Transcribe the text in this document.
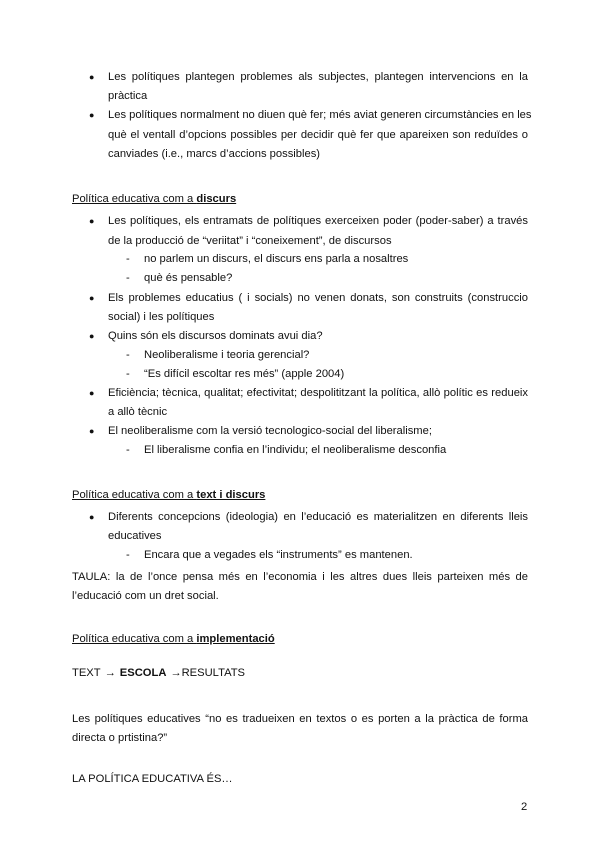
● Les polítiques plantegen problemes als subjectes, plantegen intervencions en la
pràctica
● Les polítiques normalment no diuen què fer; més aviat generen circumstàncies en les
què el ventall d’opcions possibles per decidir què fer que apareixen son reduïdes o
canviades (i.e., marcs d’accions possibles)
Política educativa com a discurs
● Les polítiques, els entramats de polítiques exerceixen poder (poder-saber) a través
de la producció de “veriitat” i “coneixement”, de discursos
- no parlem un discurs, el discurs ens parla a nosaltres
- què és pensable?
● Els problemes educatius ( i socials) no venen donats, son construits (construccio
social) i les polítiques
● Quins són els discursos dominats avui dia?
- Neoliberalisme i teoria gerencial?
- “Es difícil escoltar res més” (apple 2004)
● Eficiència; tècnica, qualitat; efectivitat; despolititzant la política, allò polític es redueix
a allò tècnic
● El neoliberalisme com la versió tecnologico-social del liberalisme;
- El liberalisme confia en l’individu; el neoliberalisme desconfia
Política educativa com a text i discurs
● Diferents concepcions (ideologia) en l’educació es materialitzen en diferents lleis
educatives
- Encara que a vegades els “instruments” es mantenen.
TAULA: la de l’once pensa més en l’economia i les altres dues lleis parteixen més de
l’educació com un dret social.
Política educativa com a implementació
TEXT → ESCOLA →RESULTATS
Les polítiques educatives “no es tradueixen en textos o es porten a la pràctica de forma
directa o prtistina?”
LA POLÍTICA EDUCATIVA ÉS…
2
